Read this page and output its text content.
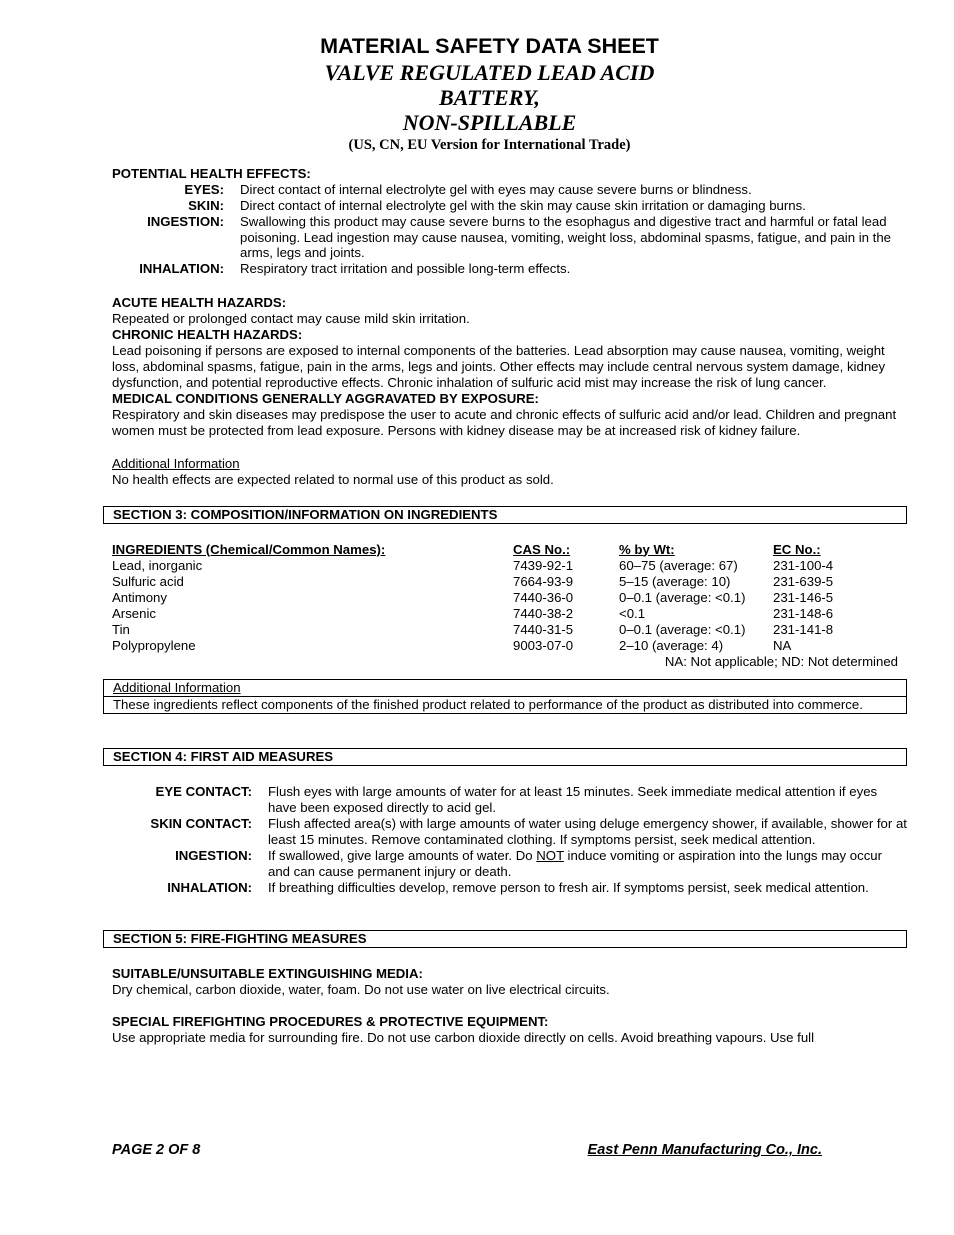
MATERIAL SAFETY DATA SHEET
VALVE REGULATED LEAD ACID
BATTERY,
NON-SPILLABLE
(US, CN, EU Version for International Trade)
POTENTIAL HEALTH EFFECTS:
EYES: Direct contact of internal electrolyte gel with eyes may cause severe burns or blindness.
SKIN: Direct contact of internal electrolyte gel with the skin may cause skin irritation or damaging burns.
INGESTION: Swallowing this product may cause severe burns to the esophagus and digestive tract and harmful or fatal lead poisoning. Lead ingestion may cause nausea, vomiting, weight loss, abdominal spasms, fatigue, and pain in the arms, legs and joints.
INHALATION: Respiratory tract irritation and possible long-term effects.
ACUTE HEALTH HAZARDS:
Repeated or prolonged contact may cause mild skin irritation.
CHRONIC HEALTH HAZARDS:
Lead poisoning if persons are exposed to internal components of the batteries. Lead absorption may cause nausea, vomiting, weight loss, abdominal spasms, fatigue, pain in the arms, legs and joints. Other effects may include central nervous system damage, kidney dysfunction, and potential reproductive effects. Chronic inhalation of sulfuric acid mist may increase the risk of lung cancer.
MEDICAL CONDITIONS GENERALLY AGGRAVATED BY EXPOSURE:
Respiratory and skin diseases may predispose the user to acute and chronic effects of sulfuric acid and/or lead. Children and pregnant women must be protected from lead exposure. Persons with kidney disease may be at increased risk of kidney failure.
Additional Information
No health effects are expected related to normal use of this product as sold.
SECTION 3: COMPOSITION/INFORMATION ON INGREDIENTS
INGREDIENTS (Chemical/Common Names):	CAS No.:	% by Wt:	EC No.:
Lead, inorganic	7439-92-1	60–75 (average: 67)	231-100-4
Sulfuric acid	7664-93-9	5–15 (average: 10)	231-639-5
Antimony	7440-36-0	0–0.1 (average: <0.1)	231-146-5
Arsenic	7440-38-2	<0.1	231-148-6
Tin	7440-31-5	0–0.1 (average: <0.1)	231-141-8
Polypropylene	9003-07-0	2–10 (average: 4)	NA
NA: Not applicable; ND: Not determined
Additional Information
These ingredients reflect components of the finished product related to performance of the product as distributed into commerce.
SECTION 4: FIRST AID MEASURES
EYE CONTACT: Flush eyes with large amounts of water for at least 15 minutes. Seek immediate medical attention if eyes have been exposed directly to acid gel.
SKIN CONTACT: Flush affected area(s) with large amounts of water using deluge emergency shower, if available, shower for at least 15 minutes. Remove contaminated clothing. If symptoms persist, seek medical attention.
INGESTION: If swallowed, give large amounts of water. Do NOT induce vomiting or aspiration into the lungs may occur and can cause permanent injury or death.
INHALATION: If breathing difficulties develop, remove person to fresh air. If symptoms persist, seek medical attention.
SECTION 5: FIRE-FIGHTING MEASURES
SUITABLE/UNSUITABLE EXTINGUISHING MEDIA:
Dry chemical, carbon dioxide, water, foam. Do not use water on live electrical circuits.
SPECIAL FIREFIGHTING PROCEDURES & PROTECTIVE EQUIPMENT:
Use appropriate media for surrounding fire. Do not use carbon dioxide directly on cells. Avoid breathing vapours. Use full
PAGE 2 OF 8	East Penn Manufacturing Co., Inc.
